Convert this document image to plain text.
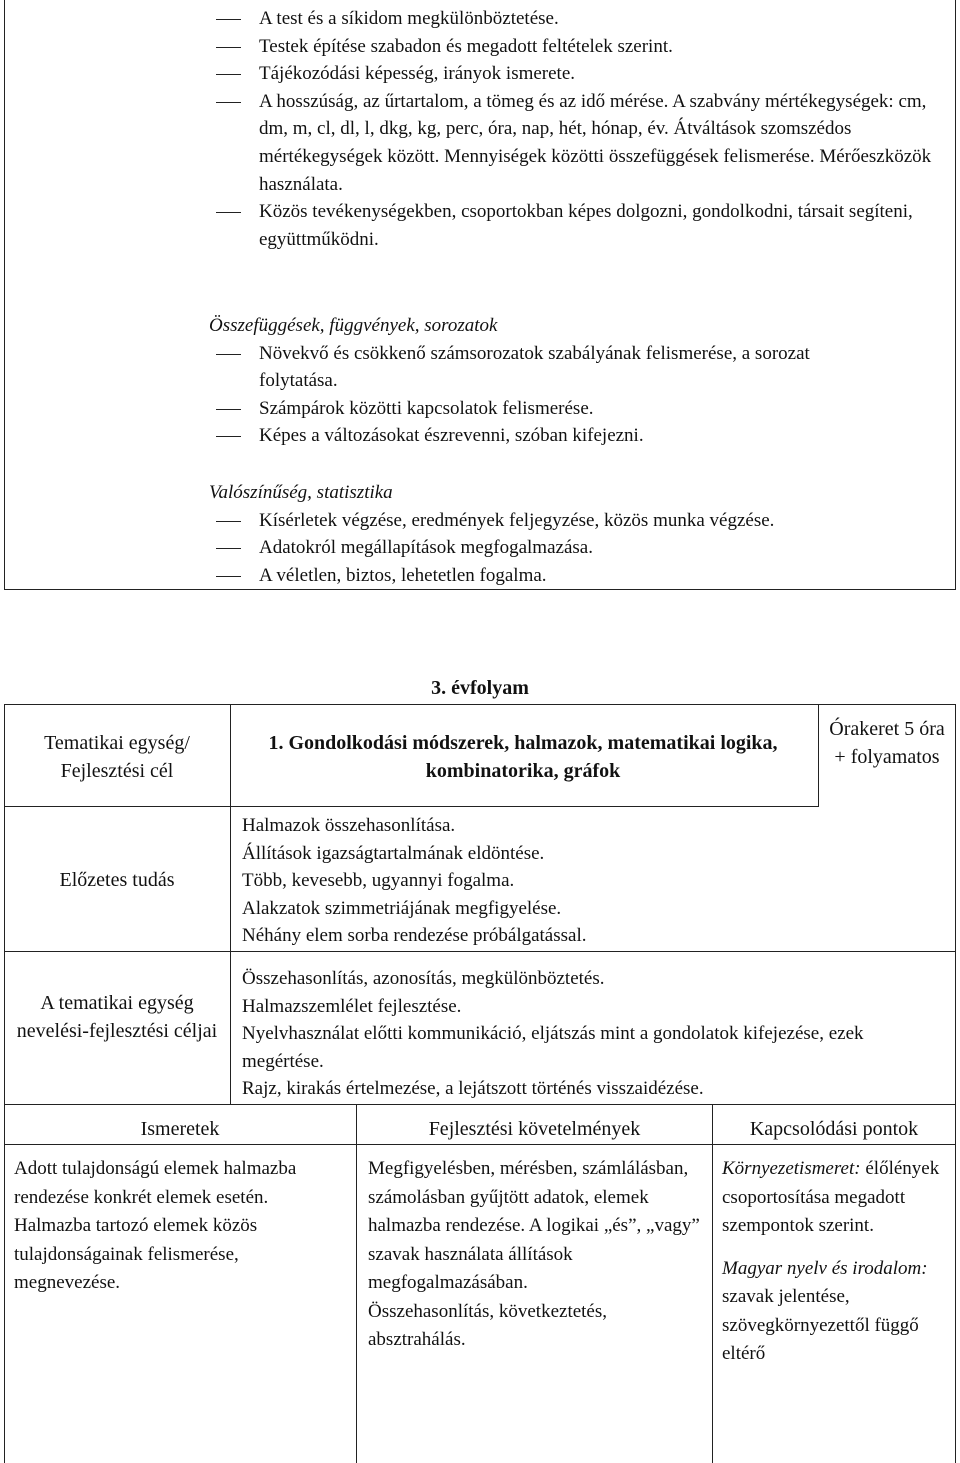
A test és a síkidom megkülönböztetése.
Testek építése szabadon és megadott feltételek szerint.
Tájékozódási képesség, irányok ismerete.
A hosszúság, az űrtartalom, a tömeg és az idő mérése. A szabvány mértékegységek: cm, dm, m, cl, dl, l, dkg, kg, perc, óra, nap, hét, hónap, év. Átváltások szomszédos mértékegységek között. Mennyiségek közötti összefüggések felismerése. Mérőeszközök használata.
Közös tevékenységekben, csoportokban képes dolgozni, gondolkodni, társait segíteni, együttműködni.
Összefüggések, függvények, sorozatok
Növekvő és csökkenő számsorozatok szabályának felismerése, a sorozat folytatása.
Számpárok közötti kapcsolatok felismerése.
Képes a változásokat észrevenni, szóban kifejezni.
Valószínűség, statisztika
Kísérletek végzése, eredmények feljegyzése, közös munka végzése.
Adatokról megállapítások megfogalmazása.
A véletlen, biztos, lehetetlen fogalma.
3. évfolyam
Tematikai egység/ Fejlesztési cél
1. Gondolkodási módszerek, halmazok, matematikai logika, kombinatorika, gráfok
Órakeret 5 óra + folyamatos
Előzetes tudás

Halmazok összehasonlítása.

Állítások igazságtartalmának eldöntése.

Több, kevesebb, ugyannyi fogalma.

Alakzatok szimmetriájának megfigyelése.

Néhány elem sorba rendezése próbálgatással.

A tematikai egység nevelési-fejlesztési céljai

Összehasonlítás, azonosítás, megkülönböztetés.

Halmazszemlélet fejlesztése.

Nyelvhasználat előtti kommunikáció, eljátszás mint a gondolatok kifejezése, ezek megértése.

Rajz, kirakás értelmezése, a lejátszott történés visszaidézése.

Ismeretek	Fejlesztési követelmények	Kapcsolódási pontok

Adott tulajdonságú elemek halmazba rendezése konkrét elemek esetén.

Halmazba tartozó elemek közös tulajdonságainak felismerése, megnevezése.

Megfigyelésben, mérésben, számlálásban, számolásban gyűjtött adatok, elemek halmazba rendezése. A logikai „és”, „vagy” szavak használata állítások megfogalmazásában.

Összehasonlítás, következtetés, absztrahálás.

Környezetismeret: élőlények csoportosítása megadott szempontok szerint.

Magyar nyelv és irodalom: szavak jelentése, szövegkörnyezettől függő eltérő
